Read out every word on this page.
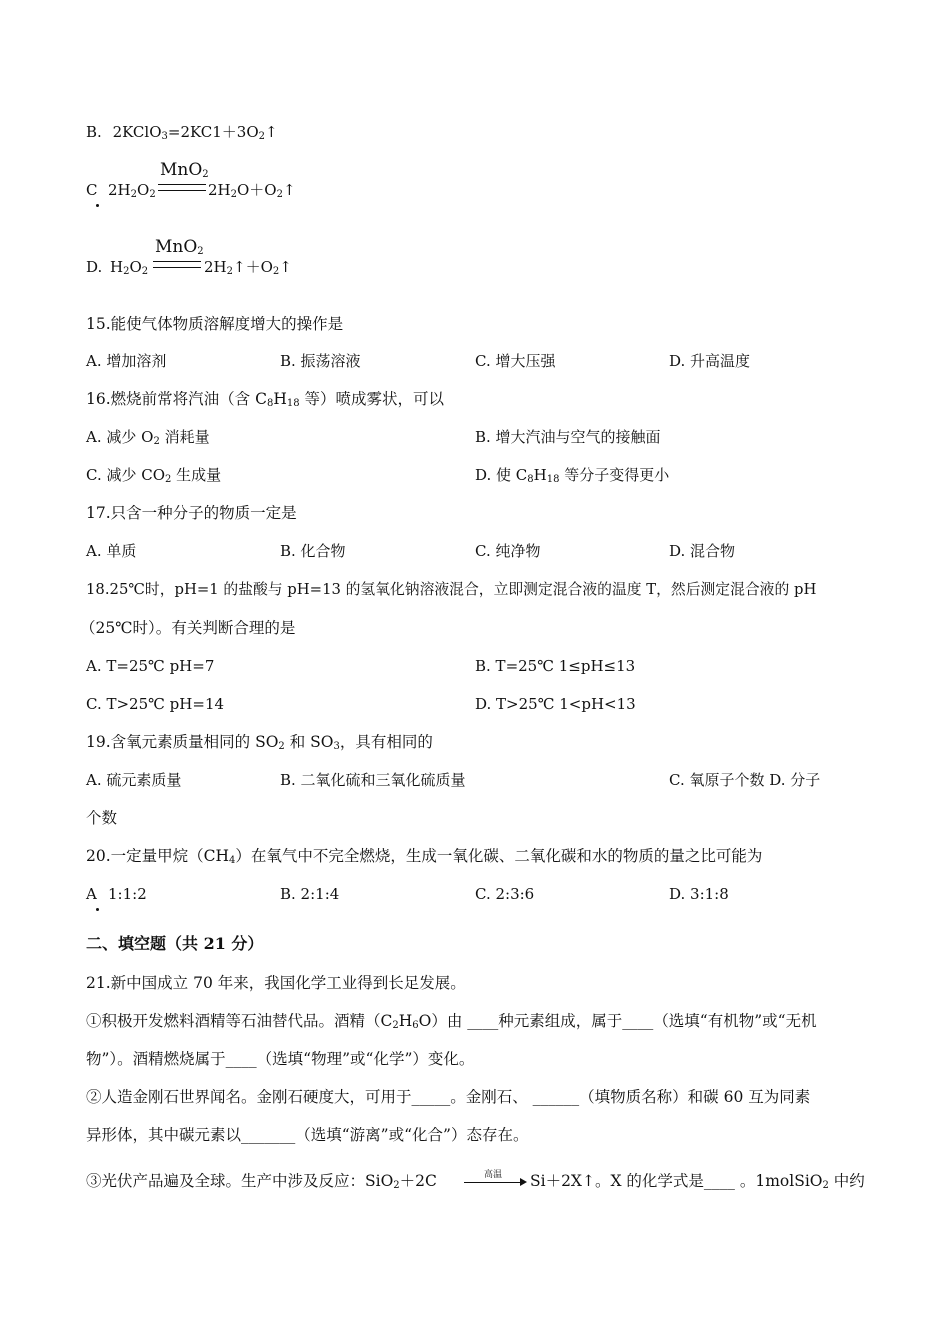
B. $2KClO_3=2KC1+3O_2↑$
C $2H_2O_2$
MnO$_2$
$2H_2O+O_2↑$
D. $H_2O_2$
MnO$_2$
$2H_2↑+O_2↑$
15.能使气体物质溶解度增大的操作是
A. 增加溶剂	B. 振荡溶液	C. 增大压强	D. 升高温度
16.燃烧前常将汽油（含 $C_8H_{18}$ 等）喷成雾状，可以
A. 减少 $O_2$ 消耗量	B. 增大汽油与空气的接触面
C. 减少 $CO_2$ 生成量	D. 使 $C_8H_{18}$ 等分子变得更小
17.只含一种分子的物质一定是
A. 单质	B. 化合物	C. 纯净物	D. 混合物
18.25℃时，pH=1 的盐酸与 pH=13 的氢氧化钠溶液混合，立即测定混合液的温度 T，然后测定混合液的 pH
（25℃时）。有关判断合理的是
A. T=25℃ pH=7	B. T=25℃ 1≤pH≤13
C. T>25℃ pH=14	D. T>25℃ 1<pH<13
19.含氧元素质量相同的 $SO_2$ 和 $SO_3$，具有相同的
A. 硫元素质量	B. 二氧化硫和三氧化硫质量	C. 氧原子个数 D. 分子
个数
20.一定量甲烷$(CH_4)$在氧气中不完全燃烧，生成一氧化碳、二氧化碳和水的物质的量之比可能为
A 1:1:2	B. 2:1:4	C. 2:3:6	D. 3:1:8
二、填空题（共 21 分）
21.新中国成立 70 年来，我国化学工业得到长足发展。
①积极开发燃料酒精等石油替代品。酒精$(C_2H_6O)$由 ____种元素组成，属于____（选填“有机物”或“无机
物”）。酒精燃烧属于____（选填“物理”或“化学”）变化。
②人造金刚石世界闻名。金刚石硬度大，可用于_____。金刚石、 ______（填物质名称）和碳 60 互为同素
异形体，其中碳元素以_______（选填“游离”或“化合”）态存在。
③光伏产品遍及全球。生产中涉及反应：SiO$_2$＋2C	高温 Si＋2X↑。X 的化学式是____ 。1molSiO$_2$ 中约
